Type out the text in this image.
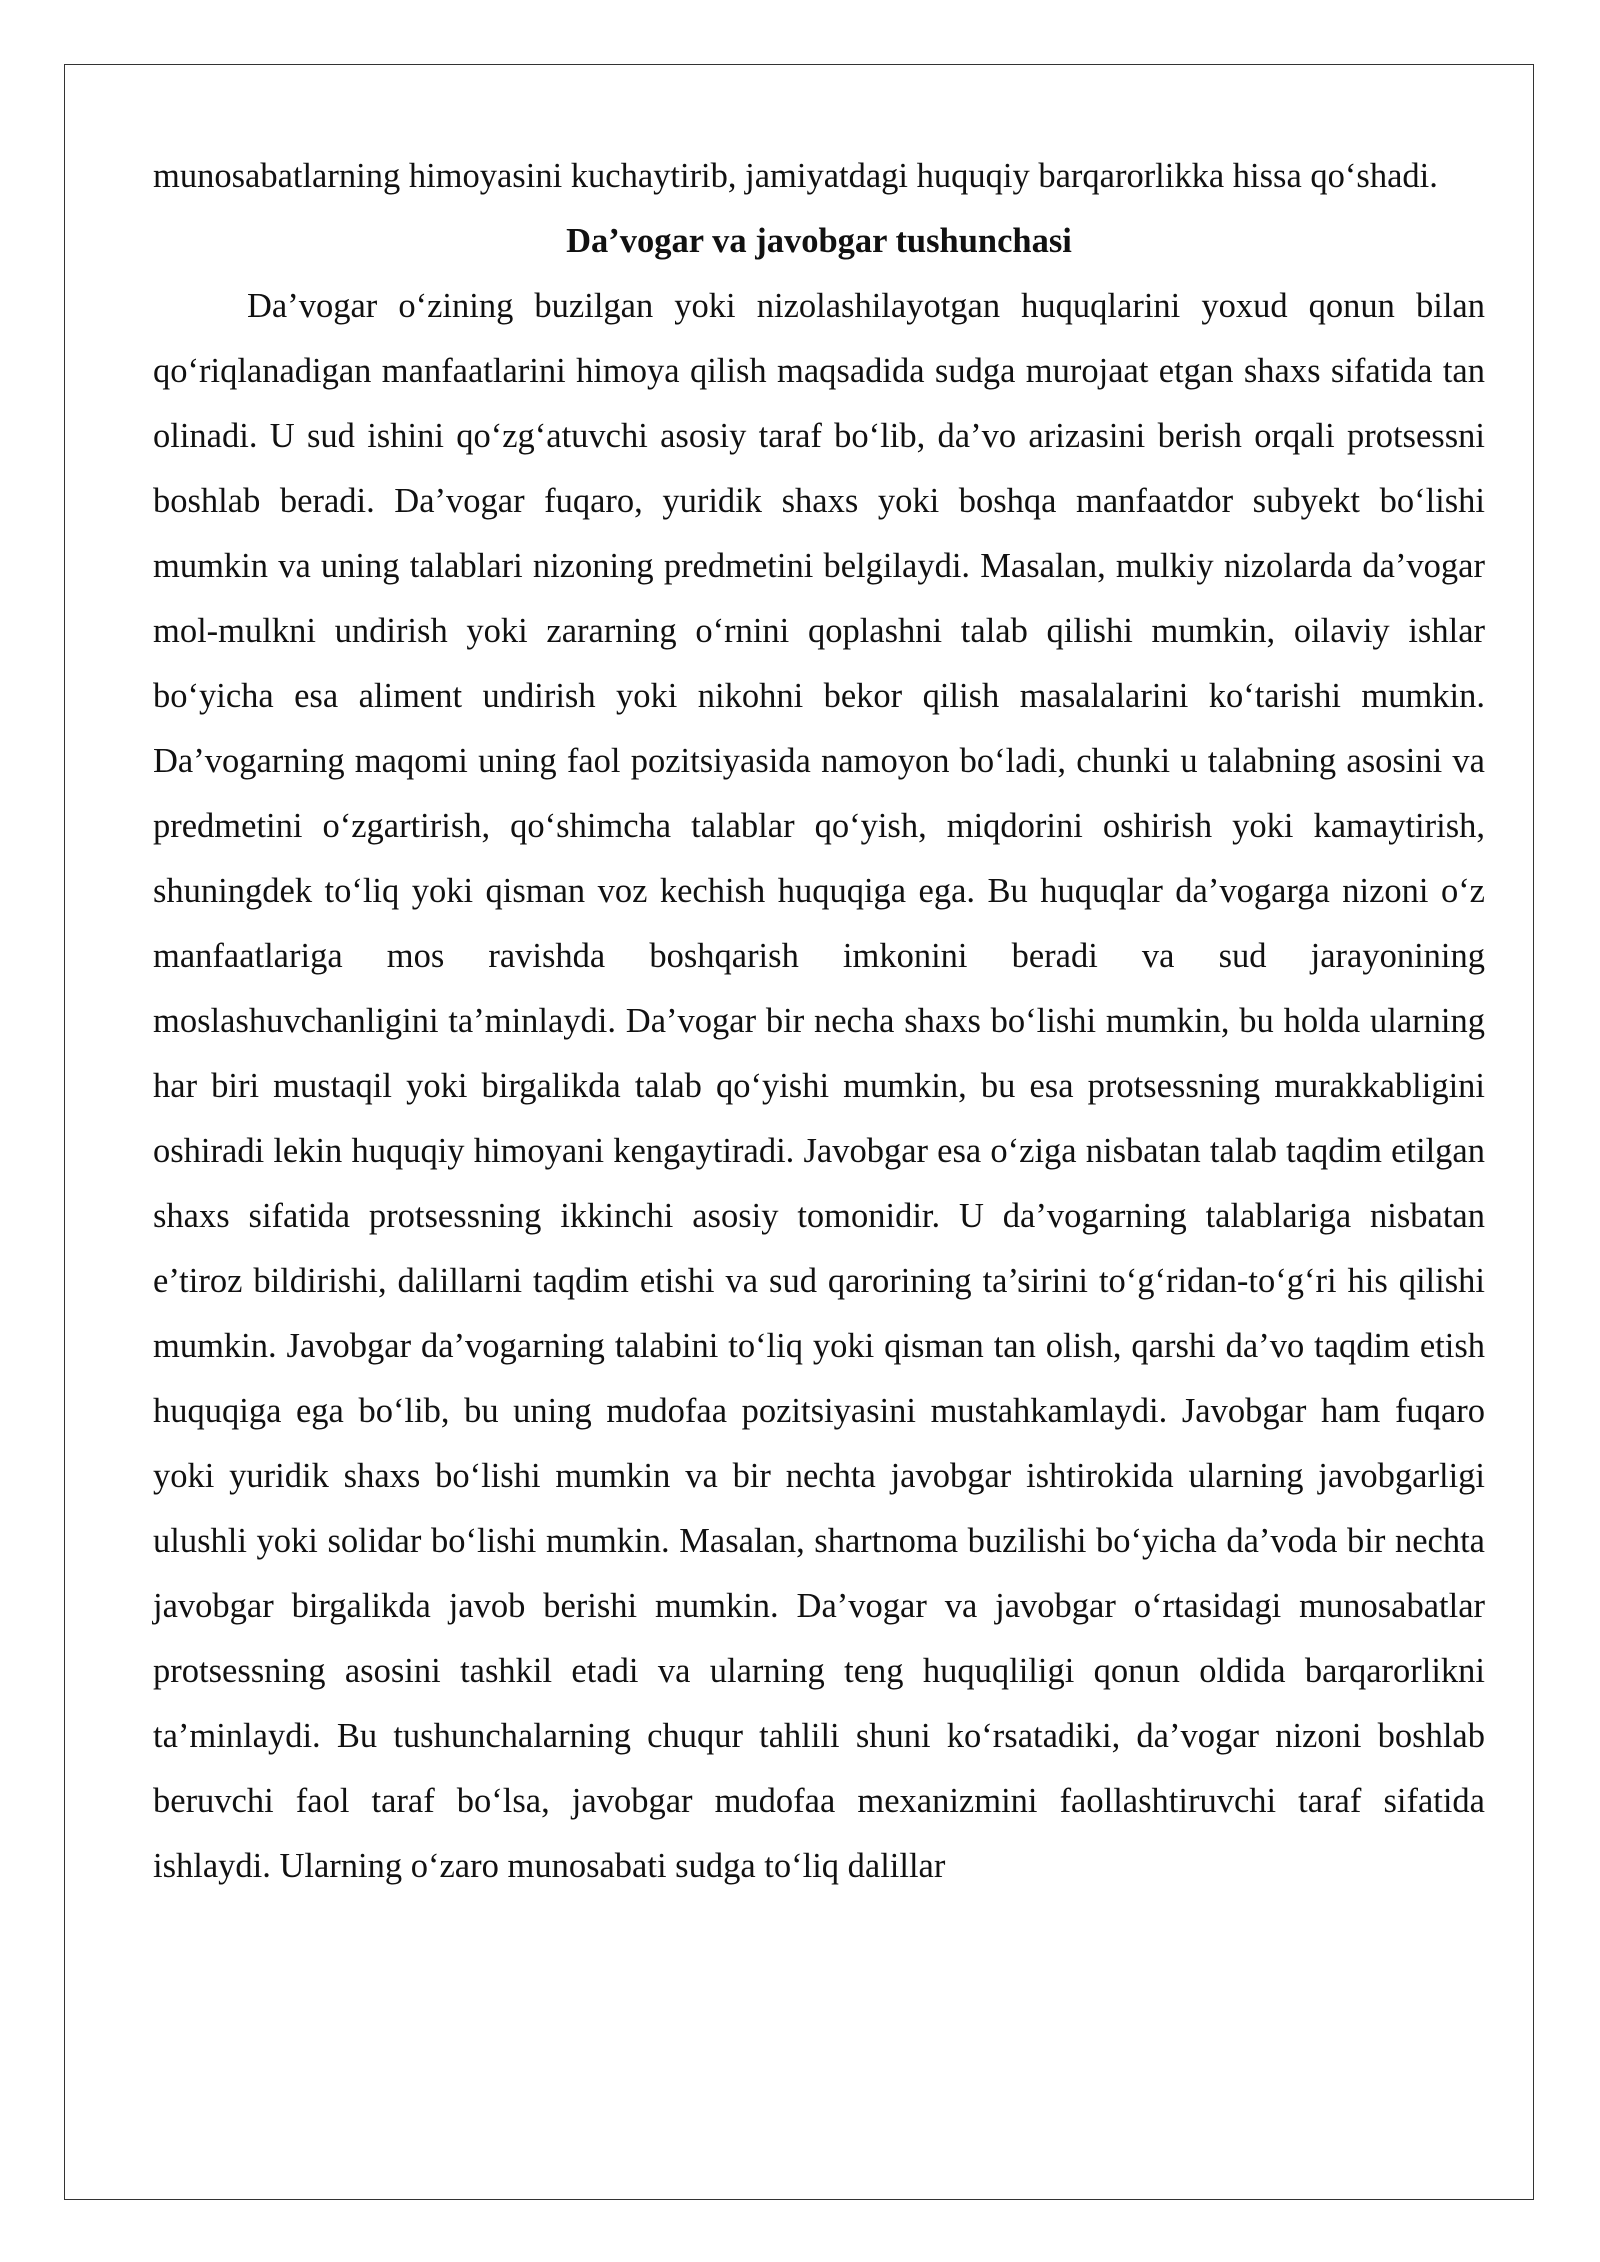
munosabatlarning himoyasini kuchaytirib, jamiyatdagi huquqiy barqarorlikka hissa qo‘shadi.

Da’vogar va javobgar tushunchasi

Da’vogar o‘zining buzilgan yoki nizolashilayotgan huquqlarini yoxud qonun bilan qo‘riqlanadigan manfaatlarini himoya qilish maqsadida sudga murojaat etgan shaxs sifatida tan olinadi. U sud ishini qo‘zg‘atuvchi asosiy taraf bo‘lib, da’vo arizasini berish orqali protsessni boshlab beradi. Da’vogar fuqaro, yuridik shaxs yoki boshqa manfaatdor subyekt bo‘lishi mumkin va uning talablari nizoning predmetini belgilaydi. Masalan, mulkiy nizolarda da’vogar mol-mulkni undirish yoki zararning o‘rnini qoplashni talab qilishi mumkin, oilaviy ishlar bo‘yicha esa aliment undirish yoki nikohni bekor qilish masalalarini ko‘tarishi mumkin. Da’vogarning maqomi uning faol pozitsiyasida namoyon bo‘ladi, chunki u talabning asosini va predmetini o‘zgartirish, qo‘shimcha talablar qo‘yish, miqdorini oshirish yoki kamaytirish, shuningdek to‘liq yoki qisman voz kechish huquqiga ega. Bu huquqlar da’vogarga nizoni o‘z manfaatlariga mos ravishda boshqarish imkonini beradi va sud jarayonining moslashuvchanligini ta’minlaydi. Da’vogar bir necha shaxs bo‘lishi mumkin, bu holda ularning har biri mustaqil yoki birgalikda talab qo‘yishi mumkin, bu esa protsessning murakkabligini oshiradi lekin huquqiy himoyani kengaytiradi. Javobgar esa o‘ziga nisbatan talab taqdim etilgan shaxs sifatida protsessning ikkinchi asosiy tomonidir. U da’vogarning talablariga nisbatan e’tiroz bildirishi, dalillarni taqdim etishi va sud qarorining ta’sirini to‘g‘ridan-to‘g‘ri his qilishi mumkin. Javobgar da’vogarning talabini to‘liq yoki qisman tan olish, qarshi da’vo taqdim etish huquqiga ega bo‘lib, bu uning mudofaa pozitsiyasini mustahkamlaydi. Javobgar ham fuqaro yoki yuridik shaxs bo‘lishi mumkin va bir nechta javobgar ishtirokida ularning javobgarligi ulushli yoki solidar bo‘lishi mumkin. Masalan, shartnoma buzilishi bo‘yicha da’voda bir nechta javobgar birgalikda javob berishi mumkin. Da’vogar va javobgar o‘rtasidagi munosabatlar protsessning asosini tashkil etadi va ularning teng huquqliligi qonun oldida barqarorlikni ta’minlaydi. Bu tushunchalarning chuqur tahlili shuni ko‘rsatadiki, da’vogar nizoni boshlab beruvchi faol taraf bo‘lsa, javobgar mudofaa mexanizmini faollashtiruvchi taraf sifatida ishlaydi. Ularning o‘zaro munosabati sudga to‘liq dalillar
